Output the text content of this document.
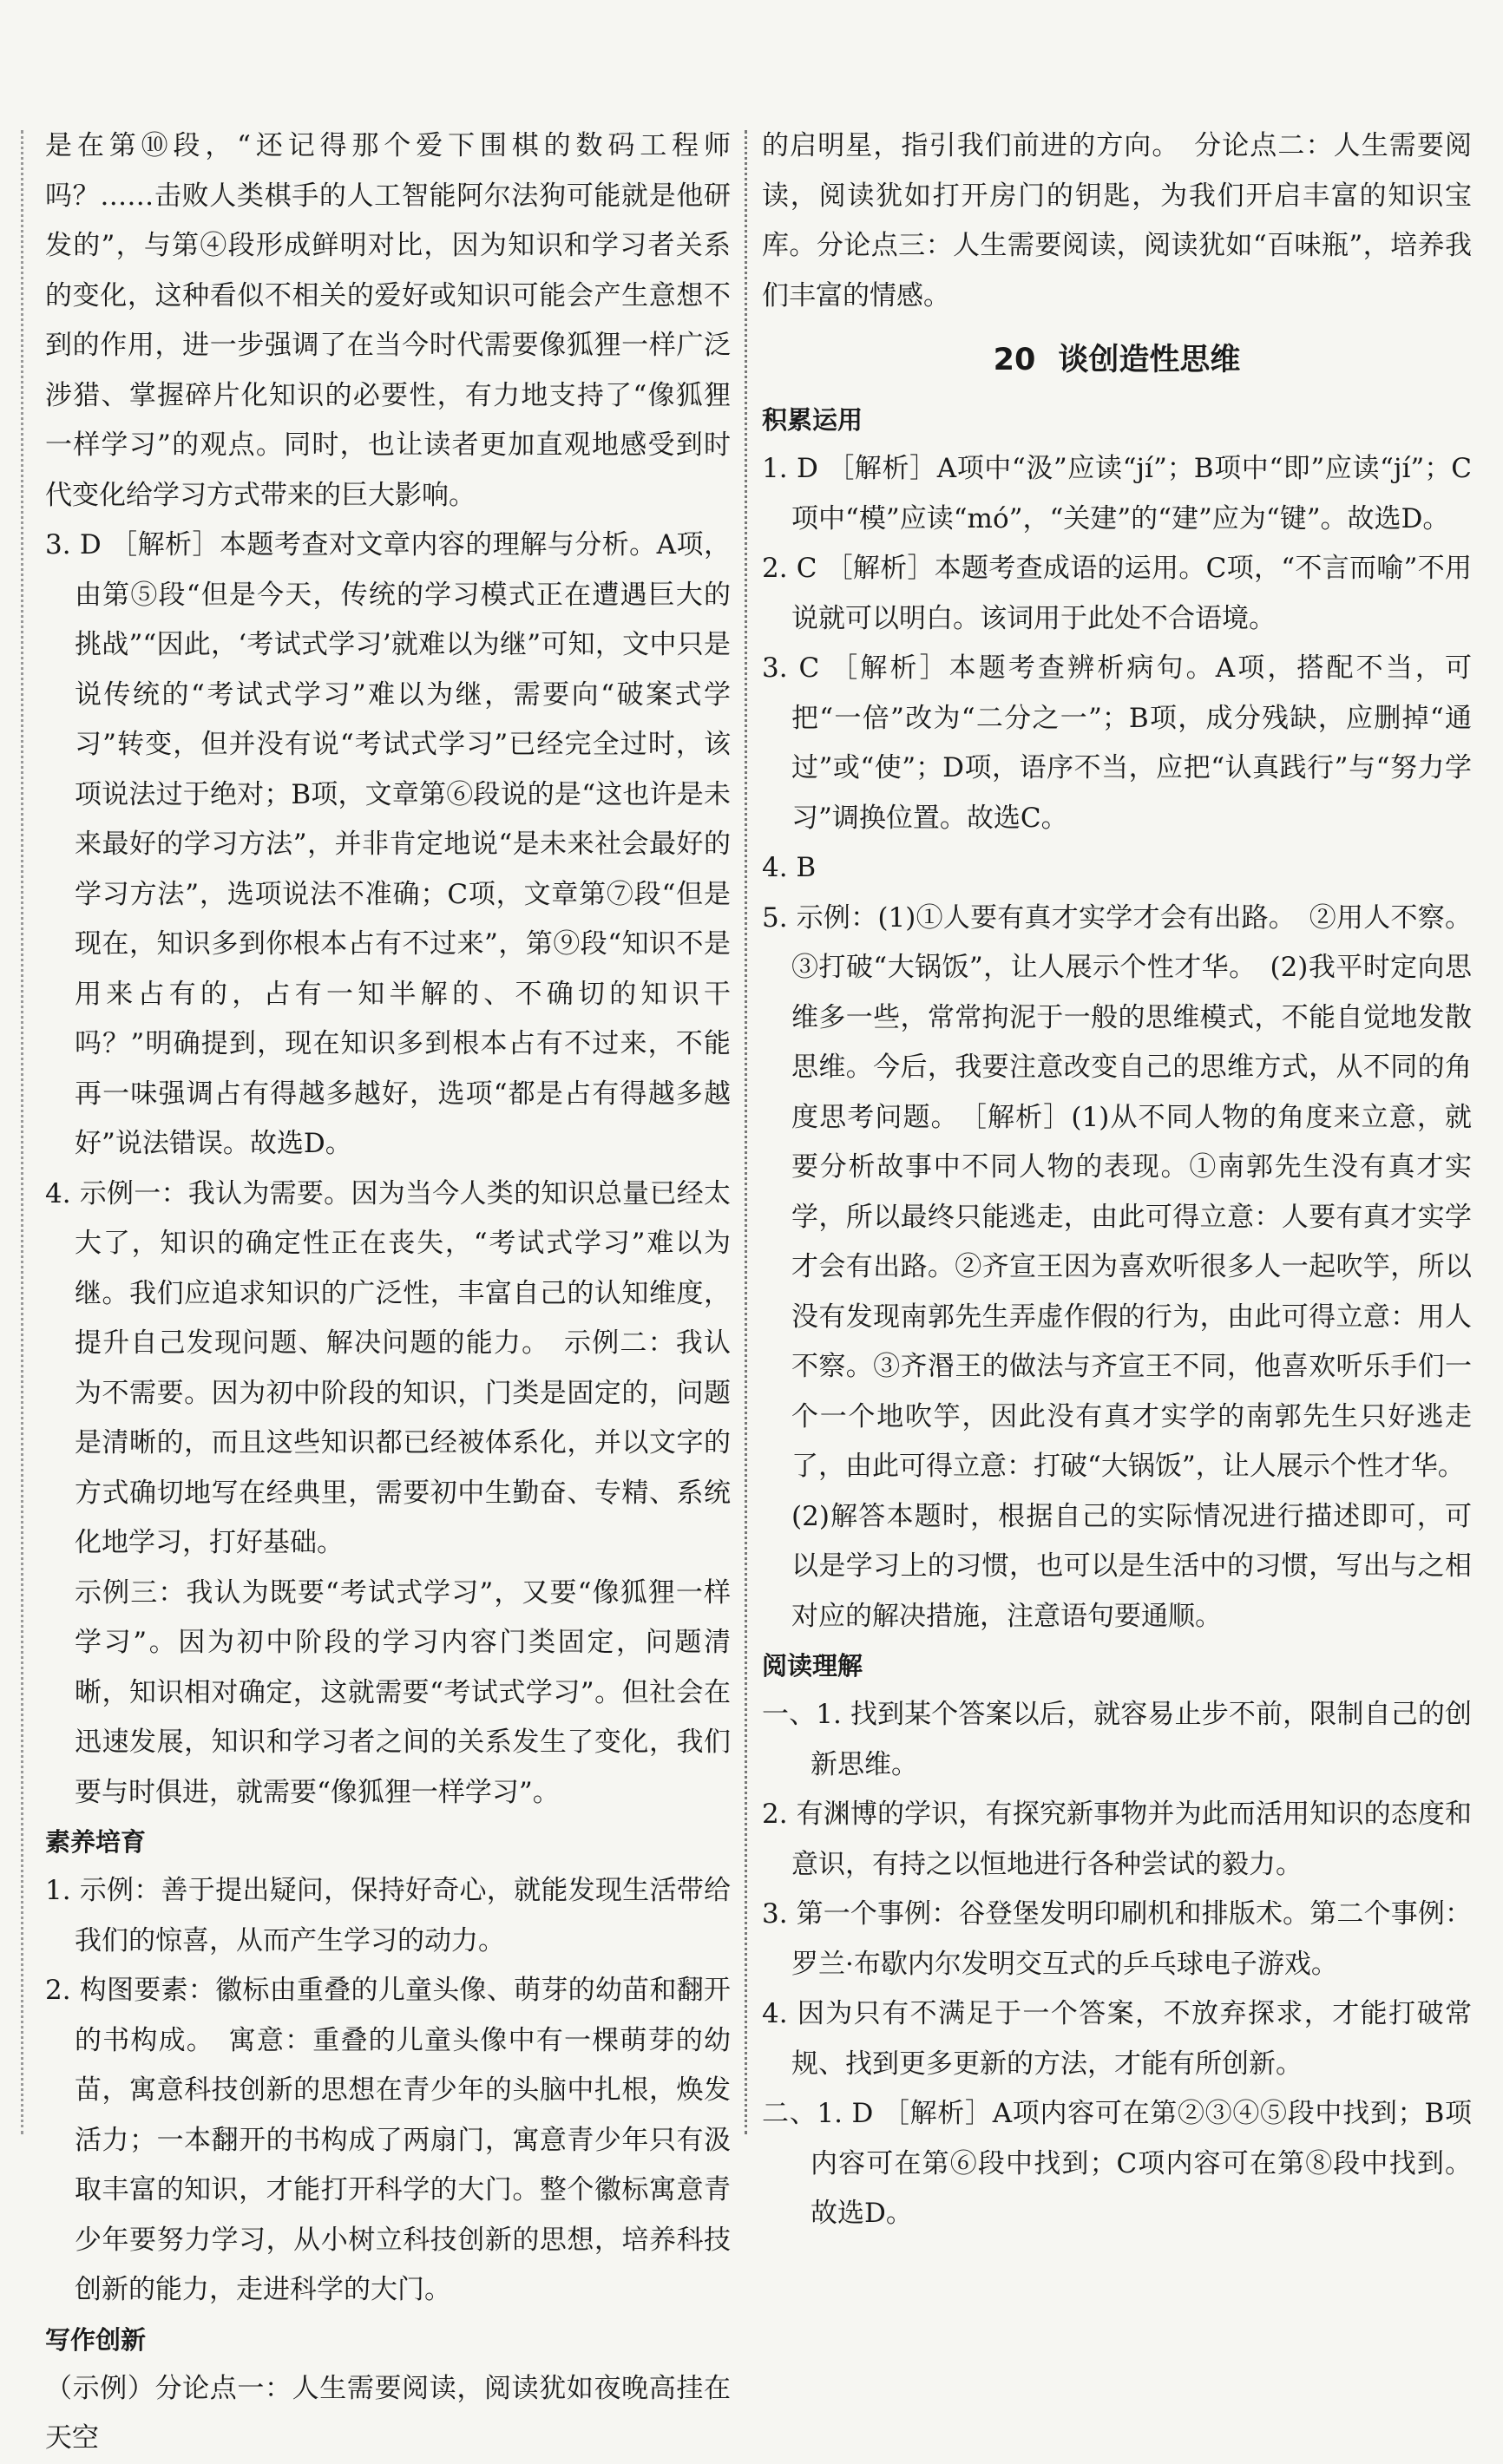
是在第⑩段，“还记得那个爱下围棋的数码工程师吗？……击败人类棋手的人工智能阿尔法狗可能就是他研发的”，与第④段形成鲜明对比，因为知识和学习者关系的变化，这种看似不相关的爱好或知识可能会产生意想不到的作用，进一步强调了在当今时代需要像狐狸一样广泛涉猎、掌握碎片化知识的必要性，有力地支持了“像狐狸一样学习”的观点。同时，也让读者更加直观地感受到时代变化给学习方式带来的巨大影响。

3. D ［解析］本题考查对文章内容的理解与分析。A项，由第⑤段“但是今天，传统的学习模式正在遭遇巨大的挑战”“因此，‘考试式学习’就难以为继”可知，文中只是说传统的“考试式学习”难以为继，需要向“破案式学习”转变，但并没有说“考试式学习”已经完全过时，该项说法过于绝对；B项，文章第⑥段说的是“这也许是未来最好的学习方法”，并非肯定地说“是未来社会最好的学习方法”，选项说法不准确；C项，文章第⑦段“但是现在，知识多到你根本占有不过来”，第⑨段“知识不是用来占有的，占有一知半解的、不确切的知识干吗？”明确提到，现在知识多到根本占有不过来，不能再一味强调占有得越多越好，选项“都是占有得越多越好”说法错误。故选D。

4. 示例一：我认为需要。因为当今人类的知识总量已经太大了，知识的确定性正在丧失，“考试式学习”难以为继。我们应追求知识的广泛性，丰富自己的认知维度，提升自己发现问题、解决问题的能力。　示例二：我认为不需要。因为初中阶段的知识，门类是固定的，问题是清晰的，而且这些知识都已经被体系化，并以文字的方式确切地写在经典里，需要初中生勤奋、专精、系统化地学习，打好基础。

示例三：我认为既要“考试式学习”，又要“像狐狸一样学习”。因为初中阶段的学习内容门类固定，问题清晰，知识相对确定，这就需要“考试式学习”。但社会在迅速发展，知识和学习者之间的关系发生了变化，我们要与时俱进，就需要“像狐狸一样学习”。

素养培育

1. 示例：善于提出疑问，保持好奇心，就能发现生活带给我们的惊喜，从而产生学习的动力。

2. 构图要素：徽标由重叠的儿童头像、萌芽的幼苗和翻开的书构成。　寓意：重叠的儿童头像中有一棵萌芽的幼苗，寓意科技创新的思想在青少年的头脑中扎根，焕发活力；一本翻开的书构成了两扇门，寓意青少年只有汲取丰富的知识，才能打开科学的大门。整个徽标寓意青少年要努力学习，从小树立科技创新的思想，培养科技创新的能力，走进科学的大门。

写作创新

（示例）分论点一：人生需要阅读，阅读犹如夜晚高挂在天空

的启明星，指引我们前进的方向。　分论点二：人生需要阅读，阅读犹如打开房门的钥匙，为我们开启丰富的知识宝库。分论点三：人生需要阅读，阅读犹如“百味瓶”，培养我们丰富的情感。

20 谈创造性思维
积累运用

1. D ［解析］A项中“汲”应读“jí”；B项中“即”应读“jí”；C项中“模”应读“mó”，“关建”的“建”应为“键”。故选D。

2. C ［解析］本题考查成语的运用。C项，“不言而喻”不用说就可以明白。该词用于此处不合语境。

3. C ［解析］本题考查辨析病句。A项，搭配不当，可把“一倍”改为“二分之一”；B项，成分残缺，应删掉“通过”或“使”；D项，语序不当，应把“认真践行”与“努力学习”调换位置。故选C。

4. B

5. 示例：(1)①人要有真才实学才会有出路。　②用人不察。③打破“大锅饭”，让人展示个性才华。　(2)我平时定向思维多一些，常常拘泥于一般的思维模式，不能自觉地发散思维。今后，我要注意改变自己的思维方式，从不同的角度思考问题。　［解析］(1)从不同人物的角度来立意，就要分析故事中不同人物的表现。①南郭先生没有真才实学，所以最终只能逃走，由此可得立意：人要有真才实学才会有出路。②齐宣王因为喜欢听很多人一起吹竽，所以没有发现南郭先生弄虚作假的行为，由此可得立意：用人不察。③齐湣王的做法与齐宣王不同，他喜欢听乐手们一个一个地吹竽，因此没有真才实学的南郭先生只好逃走了，由此可得立意：打破“大锅饭”，让人展示个性才华。

(2)解答本题时，根据自己的实际情况进行描述即可，可以是学习上的习惯，也可以是生活中的习惯，写出与之相对应的解决措施，注意语句要通顺。

阅读理解

一、1. 找到某个答案以后，就容易止步不前，限制自己的创新思维。

2. 有渊博的学识，有探究新事物并为此而活用知识的态度和意识，有持之以恒地进行各种尝试的毅力。

3. 第一个事例：谷登堡发明印刷机和排版术。第二个事例：罗兰·布歇内尔发明交互式的乒乓球电子游戏。

4. 因为只有不满足于一个答案，不放弃探求，才能打破常规、找到更多更新的方法，才能有所创新。

二、1. D ［解析］A项内容可在第②③④⑤段中找到；B项内容可在第⑥段中找到；C项内容可在第⑧段中找到。故选D。
